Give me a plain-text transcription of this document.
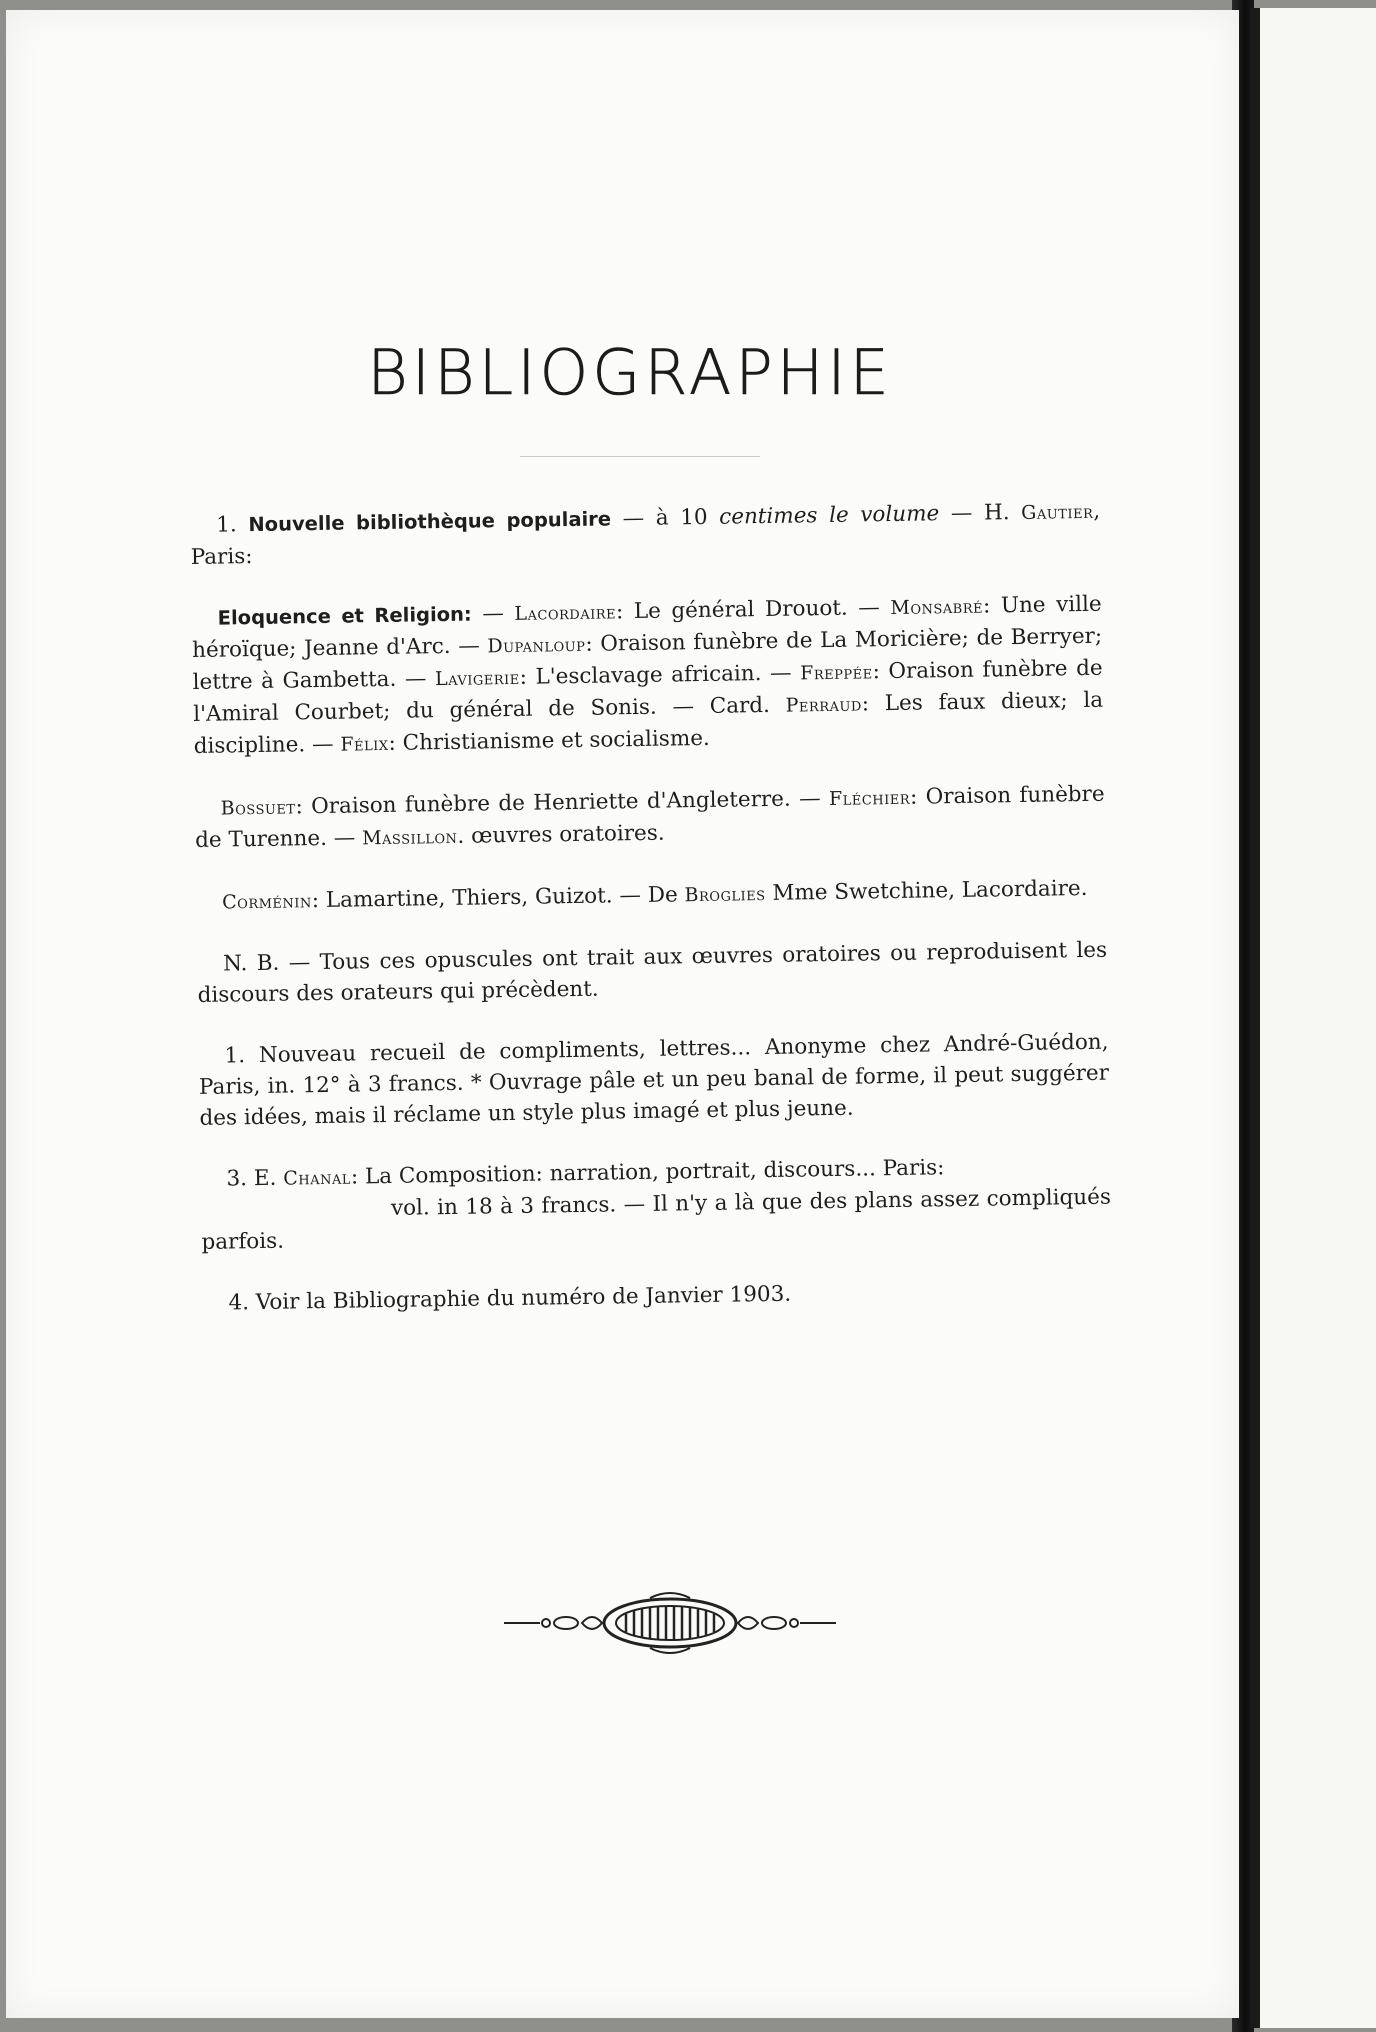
BIBLIOGRAPHIE

1. Nouvelle bibliothèque populaire — à 10 centimes le volume — H. Gautier, Paris:

Eloquence et Religion: — Lacordaire: Le général Drouot. — Monsabré: Une ville héroïque; Jeanne d'Arc. — Dupanloup: Oraison funèbre de La Moricière; de Berryer; lettre à Gambetta. — Lavigerie: L'esclavage africain. — Freppée: Oraison funèbre de l'Amiral Courbet; du général de Sonis. — Card. Perraud: Les faux dieux; la discipline. — Félix: Christianisme et socialisme.

Bossuet: Oraison funèbre de Henriette d'Angleterre. — Fléchier: Oraison funèbre de Turenne. — Massillon. œuvres oratoires.

Corménin: Lamartine, Thiers, Guizot. — De Broglies Mme Swetchine, Lacordaire.

N. B. — Tous ces opuscules ont trait aux œuvres oratoires ou reproduisent les discours des orateurs qui précèdent.

1. Nouveau recueil de compliments, lettres... Anonyme chez André-Guédon, Paris, in. 12° à 3 francs. * Ouvrage pâle et un peu banal de forme, il peut suggérer des idées, mais il réclame un style plus imagé et plus jeune.

3. E. Chanal: La Composition: narration, portrait, discours... Paris:

vol. in 18 à 3 francs. — Il n'y a là que des plans assez compliqués parfois.

4. Voir la Bibliographie du numéro de Janvier 1903.
